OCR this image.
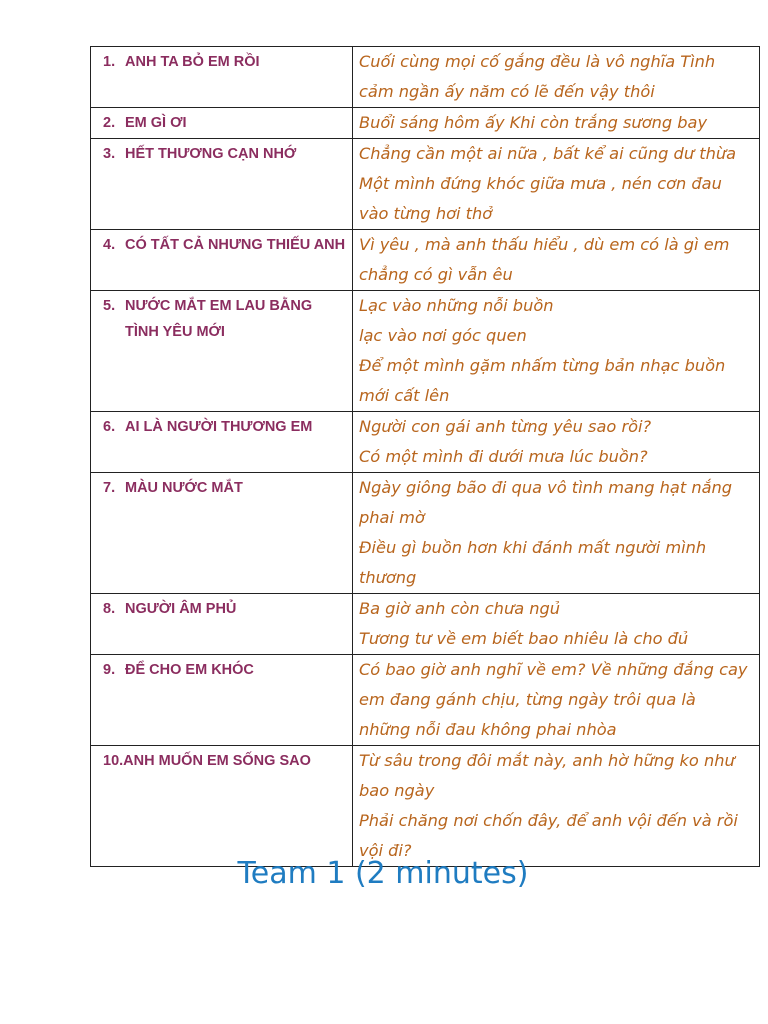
1. ANH TA BỎ EM RỒI	Cuối cùng mọi cố gắng đều là vô nghĩa Tình cảm ngần ấy năm có lẽ đến vậy thôi

2. EM GÌ ƠI	Buổi sáng hôm ấy Khi còn trắng sương bay

3. HẾT THƯƠNG CẠN NHỚ	Chẳng cần một ai nữa , bất kể ai cũng dư thừa
Một mình đứng khóc giữa mưa , nén cơn đau vào từng hơi thở

4. CÓ TẤT CẢ NHƯNG THIẾU ANH	Vì yêu , mà anh thấu hiểu , dù em có là gì em chẳng có gì vẫn êu

5. NƯỚC MẮT EM LAU BẰNG TÌNH YÊU MỚI	Lạc vào những nỗi buồn
lạc vào nơi góc quen
Để một mình gặm nhấm từng bản nhạc buồn mới cất lên

6. AI LÀ NGƯỜI THƯƠNG EM	Người con gái anh từng yêu sao rồi?
Có một mình đi dưới mưa lúc buồn?

7. MÀU NƯỚC MẮT	Ngày giông bão đi qua vô tình mang hạt nắng phai mờ
Điều gì buồn hơn khi đánh mất người mình thương

8. NGƯỜI ÂM PHỦ	Ba giờ anh còn chưa ngủ
Tương tư về em biết bao nhiêu là cho đủ

9. ĐỂ CHO EM KHÓC	Có bao giờ anh nghĩ về em? Về những đắng cay em đang gánh chịu, từng ngày trôi qua là những nỗi đau không phai nhòa

10. ANH MUỐN EM SỐNG SAO	Từ sâu trong đôi mắt này, anh hờ hững ko như bao ngày
Phải chăng nơi chốn đây, để anh vội đến và rồi vội đi?
Team 1 (2 minutes)
